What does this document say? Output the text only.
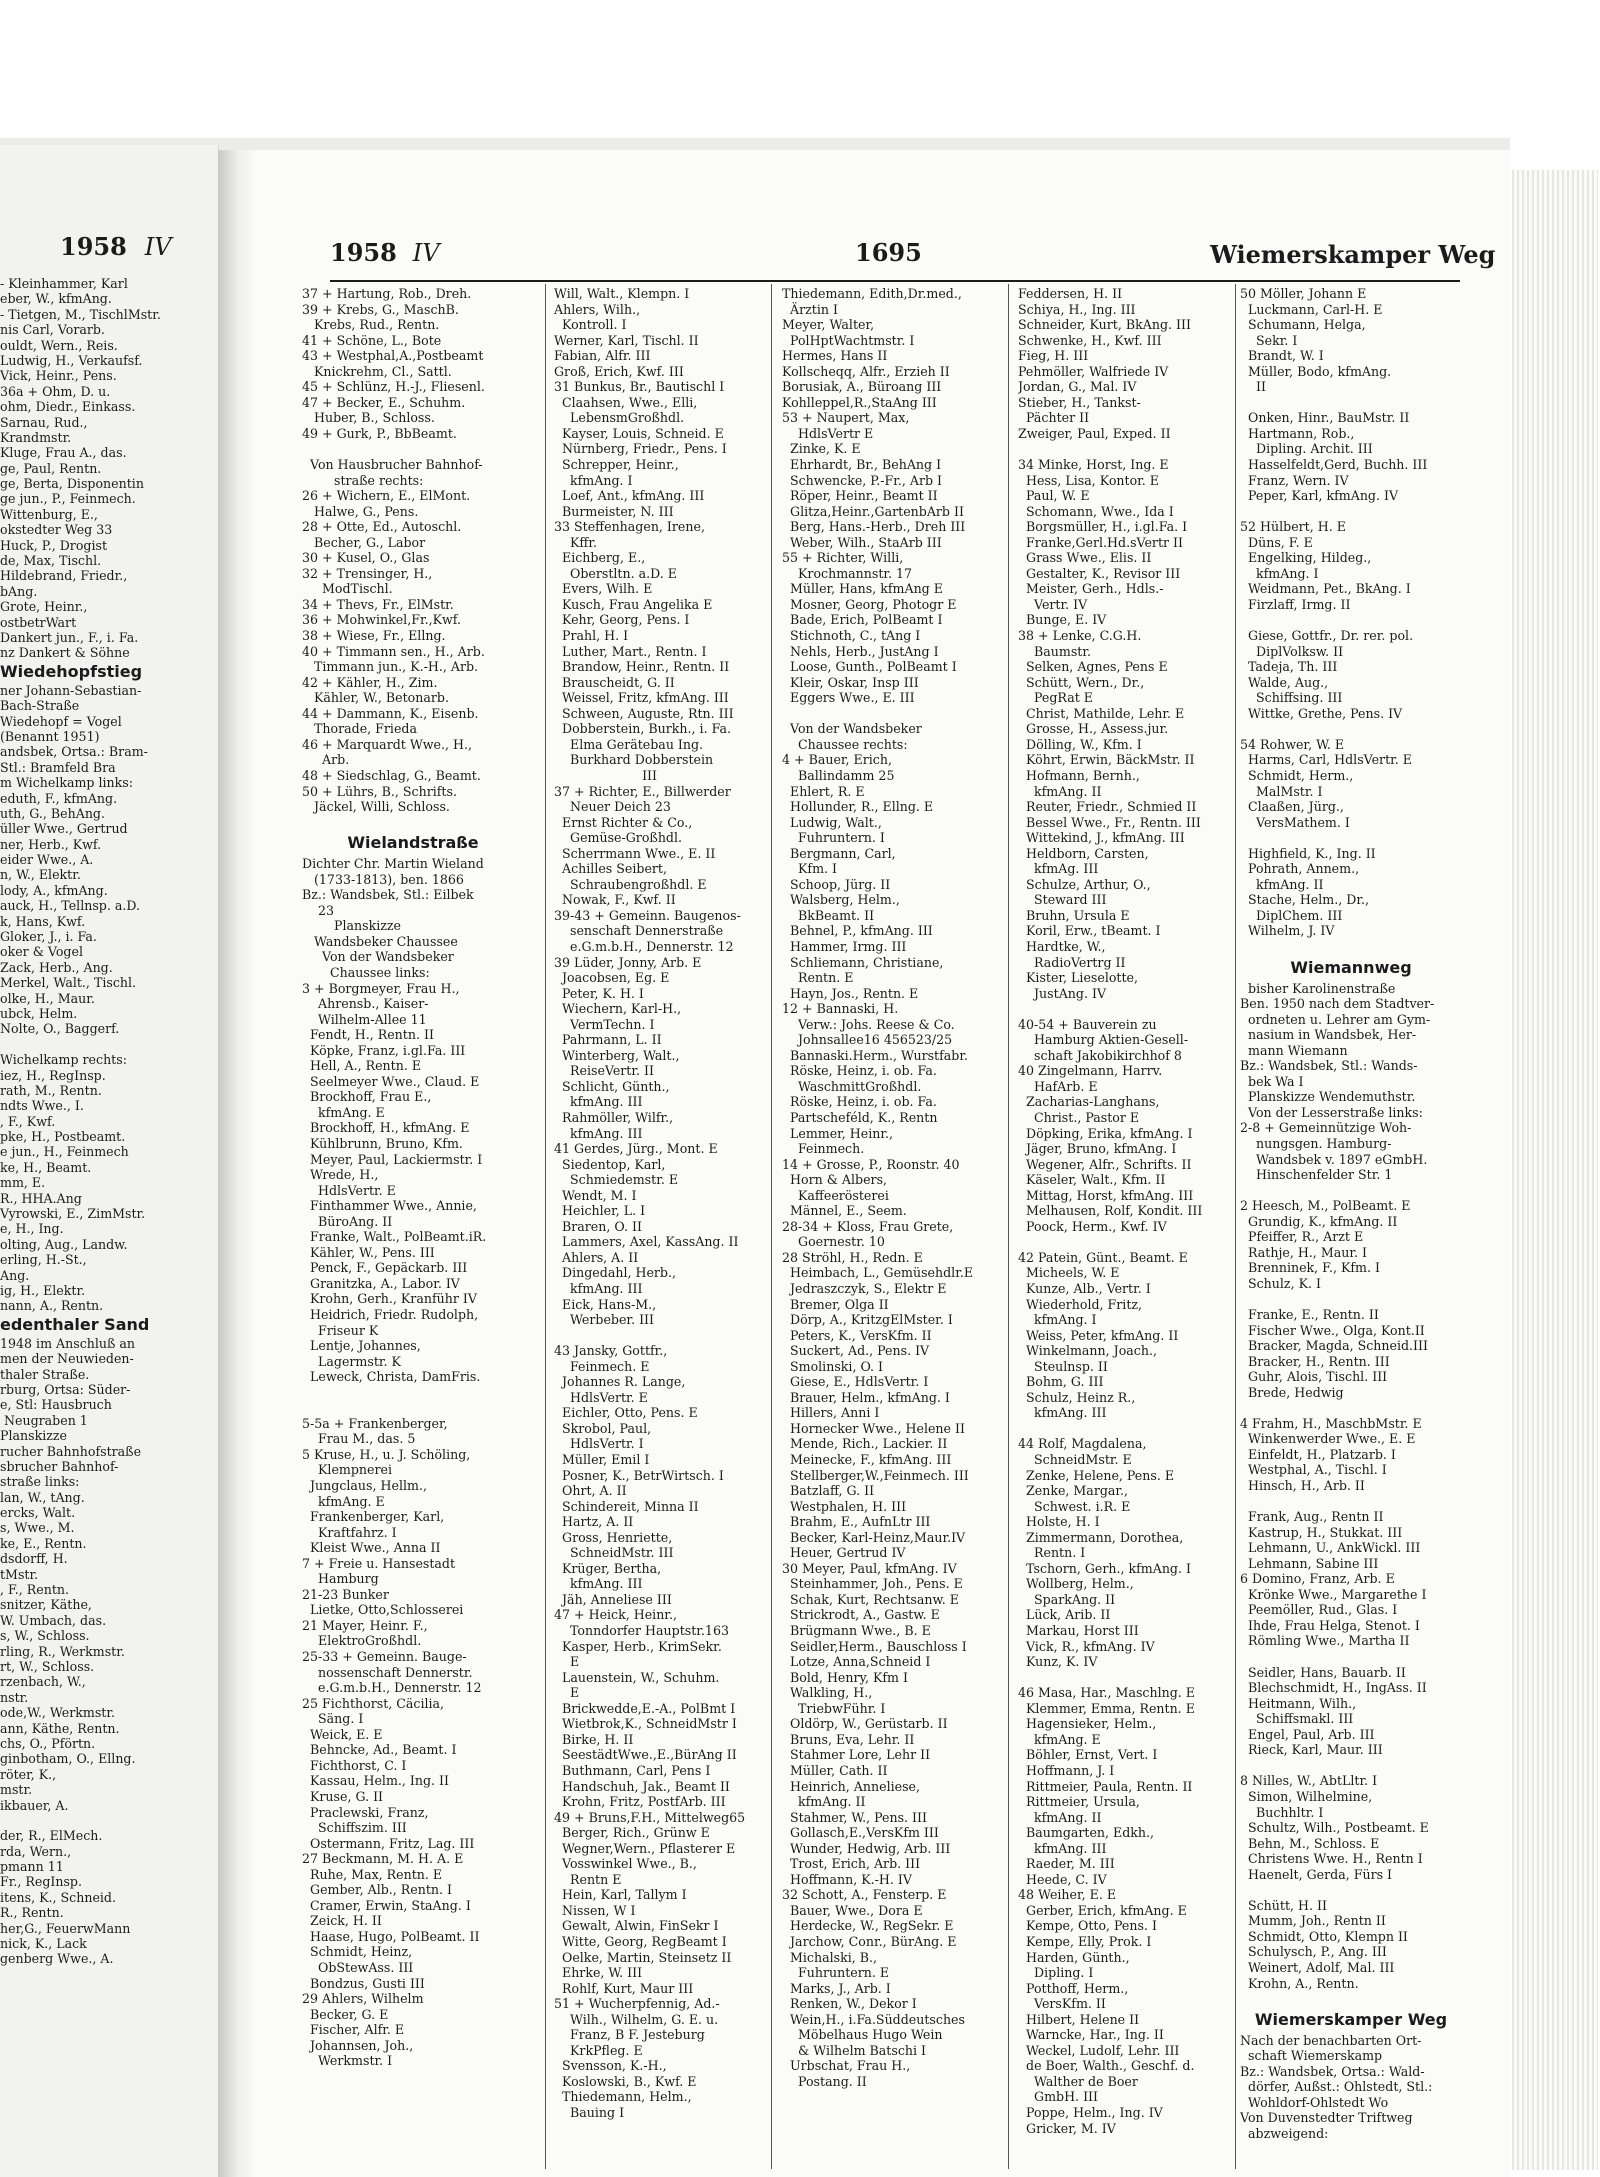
1958 IV
- Kleinhammer, Karl
eber, W., kfmAng.
- Tietgen, M., TischlMstr.
nis Carl, Vorarb.
ouldt, Wern., Reis.
Ludwig, H., Verkaufsf.
Vick, Heinr., Pens.
36a + Ohm, D. u.
ohm, Diedr., Einkass.
Sarnau, Rud.,
Krandmstr.
Kluge, Frau A., das.
ge, Paul, Rentn.
ge, Berta, Disponentin
ge jun., P., Feinmech.
Wittenburg, E.,
okstedter Weg 33
Huck, P., Drogist
de, Max, Tischl.
Hildebrand, Friedr.,
bAng.
Grote, Heinr.,
ostbetrWart
Dankert jun., F., i. Fa.
nz Dankert & Söhne
Wiedehopfstieg
ner Johann-Sebastian-
Bach-Straße
Wiedehopf = Vogel
(Benannt 1951)
andsbek, Ortsa.: Bram-
Stl.: Bramfeld Bra
m Wichelkamp links:
eduth, F., kfmAng.
uth, G., BehAng.
üller Wwe., Gertrud
ner, Herb., Kwf.
eider Wwe., A.
n, W., Elektr.
lody, A., kfmAng.
auck, H., Tellnsp. a.D.
k, Hans, Kwf.
Gloker, J., i. Fa.
oker & Vogel
Zack, Herb., Ang.
Merkel, Walt., Tischl.
olke, H., Maur.
ubck, Helm.
Nolte, O., Baggerf.

Wichelkamp rechts:
iez, H., RegInsp.
rath, M., Rentn.
ndts Wwe., I.
, F., Kwf.
pke, H., Postbeamt.
e jun., H., Feinmech
ke, H., Beamt.
mm, E.
R., HHA.Ang
Vyrowski, E., ZimMstr.
e, H., Ing.
olting, Aug., Landw.
erling, H.-St.,
Ang.
ig, H., Elektr.
nann, A., Rentn.
edenthaler Sand
1948 im Anschluß an
men der Neuwieden-
thaler Straße.
rburg, Ortsa: Süder-
e, Stl: Hausbruch
Neugraben 1
Planskizze
rucher Bahnhofstraße
sbrucher Bahnhof-
straße links:
lan, W., tAng.
ercks, Walt.
s, Wwe., M.
ke, E., Rentn.
dsdorff, H.
tMstr.
, F., Rentn.
snitzer, Käthe,
W. Umbach, das.
s, W., Schloss.
rling, R., Werkmstr.
rt, W., Schloss.
rzenbach, W.,
nstr.
ode,W., Werkmstr.
ann, Käthe, Rentn.
chs, O., Pförtn.
ginbotham, O., Ellng.
röter, K.,
mstr.
ikbauer, A.

der, R., ElMech.
rda, Wern.,
pmann 11
Fr., RegInsp.
itens, K., Schneid.
R., Rentn.
her,G., FeuerwMann
nick, K., Lack
genberg Wwe., A.
1958 IV	1695	Wiemerskamper Weg
37 + Hartung, Rob., Dreh.
39 + Krebs, G., MaschB.
Krebs, Rud., Rentn.
41 + Schöne, L., Bote
43 + Westphal,A.,Postbeamt
Knickrehm, Cl., Sattl.
45 + Schlünz, H.-J., Fliesenl.
47 + Becker, E., Schuhm.
Huber, B., Schloss.
49 + Gurk, P., BbBeamt.

Von Hausbrucher Bahnhof-
straße rechts:
26 + Wichern, E., ElMont.
Halwe, G., Pens.
28 + Otte, Ed., Autoschl.
Becher, G., Labor
30 + Kusel, O., Glas
32 + Trensinger, H.,
ModTischl.
34 + Thevs, Fr., ElMstr.
36 + Mohwinkel,Fr.,Kwf.
38 + Wiese, Fr., Ellng.
40 + Timmann sen., H., Arb.
Timmann jun., K.-H., Arb.
42 + Kähler, H., Zim.
Kähler, W., Betonarb.
44 + Dammann, K., Eisenb.
Thorade, Frieda
46 + Marquardt Wwe., H.,
Arb.
48 + Siedschlag, G., Beamt.
50 + Lührs, B., Schrifts.
Jäckel, Willi, Schloss.

Wielandstraße
Dichter Chr. Martin Wieland
(1733-1813), ben. 1866
Bz.: Wandsbek, Stl.: Eilbek
23
Planskizze
Wandsbeker Chaussee
Von der Wandsbeker
Chaussee links:
3 + Borgmeyer, Frau H.,
Ahrensb., Kaiser-
Wilhelm-Allee 11
Fendt, H., Rentn. II
Köpke, Franz, i.gl.Fa. III
Hell, A., Rentn. E
Seelmeyer Wwe., Claud. E
Brockhoff, Frau E.,
kfmAng. E
Brockhoff, H., kfmAng. E
Kühlbrunn, Bruno, Kfm.
Meyer, Paul, Lackiermstr. I
Wrede, H.,
HdlsVertr. E
Finthammer Wwe., Annie,
BüroAng. II
Franke, Walt., PolBeamt.iR.
Kähler, W., Pens. III
Penck, F., Gepäckarb. III
Granitzka, A., Labor. IV
Krohn, Gerh., Kranführ IV
Heidrich, Friedr. Rudolph,
Friseur K
Lentje, Johannes,
Lagermstr. K
Leweck, Christa, DamFris.

5-5a + Frankenberger,
Frau M., das. 5
5 Kruse, H., u. J. Schöling,
Klempnerei
Jungclaus, Hellm.,
kfmAng. E
Frankenberger, Karl,
Kraftfahrz. I
Kleist Wwe., Anna II
7 + Freie u. Hansestadt
Hamburg
21-23 Bunker
Lietke, Otto,Schlosserei
21 Mayer, Heinr. F.,
ElektroGroßhdl.
25-33 + Gemeinn. Bauge-
nossenschaft Dennerstr.
e.G.m.b.H., Dennerstr. 12
25 Fichthorst, Cäcilia,
Säng. I
Weick, E. E
Behncke, Ad., Beamt. I
Fichthorst, C. I
Kassau, Helm., Ing. II
Kruse, G. II
Praclewski, Franz,
Schiffszim. III
Ostermann, Fritz, Lag. III
27 Beckmann, M. H. A. E
Ruhe, Max, Rentn. E
Gember, Alb., Rentn. I
Cramer, Erwin, StaAng. I
Zeick, H. II
Haase, Hugo, PolBeamt. II
Schmidt, Heinz,
ObStewAss. III
Bondzus, Gusti III
29 Ahlers, Wilhelm
Becker, G. E
Fischer, Alfr. E
Johannsen, Joh.,
Werkmstr. I
Will, Walt., Klempn. I
Ahlers, Wilh.,
Kontroll. I
Werner, Karl, Tischl. II
Fabian, Alfr. III
Groß, Erich, Kwf. III
31 Bunkus, Br., Bautischl I
Claahsen, Wwe., Elli,
LebensmGroßhdl.
Kayser, Louis, Schneid. E
Nürnberg, Friedr., Pens. I
Schrepper, Heinr.,
kfmAng. I
Loef, Ant., kfmAng. III
Burmeister, N. III
33 Steffenhagen, Irene,
Kffr.
Eichberg, E.,
Oberstltn. a.D. E
Evers, Wilh. E
Kusch, Frau Angelika E
Kehr, Georg, Pens. I
Prahl, H. I
Luther, Mart., Rentn. I
Brandow, Heinr., Rentn. II
Brauscheidt, G. II
Weissel, Fritz, kfmAng. III
Schween, Auguste, Rtn. III
Dobberstein, Burkh., i. Fa.
Elma Gerätebau Ing.
Burkhard Dobberstein
III
37 + Richter, E., Billwerder
Neuer Deich 23
Ernst Richter & Co.,
Gemüse-Großhdl.
Scherrmann Wwe., E. II
Achilles Seibert,
Schraubengroßhdl. E
Nowak, F., Kwf. II
39-43 + Gemeinn. Baugenos-
senschaft Dennerstraße
e.G.m.b.H., Dennerstr. 12
39 Lüder, Jonny, Arb. E
Joacobsen, Eg. E
Peter, K. H. I
Wiechern, Karl-H.,
VermTechn. I
Pahrmann, L. II
Winterberg, Walt.,
ReiseVertr. II
Schlicht, Günth.,
kfmAng. III
Rahmöller, Wilfr.,
kfmAng. III
41 Gerdes, Jürg., Mont. E
Siedentop, Karl,
Schmiedemstr. E
Wendt, M. I
Heichler, L. I
Braren, O. II
Lammers, Axel, KassAng. II
Ahlers, A. II
Dingedahl, Herb.,
kfmAng. III
Eick, Hans-M.,
Werbeber. III

43 Jansky, Gottfr.,
Feinmech. E
Johannes R. Lange,
HdlsVertr. E
Eichler, Otto, Pens. E
Skrobol, Paul,
HdlsVertr. I
Müller, Emil I
Posner, K., BetrWirtsch. I
Ohrt, A. II
Schindereit, Minna II
Hartz, A. II
Gross, Henriette,
SchneidMstr. III
Krüger, Bertha,
kfmAng. III
Jäh, Anneliese III
47 + Heick, Heinr.,
Tonndorfer Hauptstr.163
Kasper, Herb., KrimSekr.
E
Lauenstein, W., Schuhm.
E
Brickwedde,E.-A., PolBmt I
Wietbrok,K., SchneidMstr I
Birke, H. II
SeestädtWwe.,E.,BürAng II
Buthmann, Carl, Pens I
Handschuh, Jak., Beamt II
Krohn, Fritz, PostfArb. III
49 + Bruns,F.H., Mittelweg65
Berger, Rich., Grünw E
Wegner,Wern., Pflasterer E
Vosswinkel Wwe., B.,
Rentn E
Hein, Karl, Tallym I
Nissen, W I
Gewalt, Alwin, FinSekr I
Witte, Georg, RegBeamt I
Oelke, Martin, Steinsetz II
Ehrke, W. III
Rohlf, Kurt, Maur III
51 + Wucherpfennig, Ad.-
Wilh., Wilhelm, G. E. u.
Franz, B F. Jesteburg
KrkPfleg. E
Svensson, K.-H.,
Koslowski, B., Kwf. E
Thiedemann, Helm.,
Bauing I
Thiedemann, Edith,Dr.med.,
Ärztin I
Meyer, Walter,
PolHptWachtmstr. I
Hermes, Hans II
Kollscheqq, Alfr., Erzieh II
Borusiak, A., Büroang III
Kohlleppel,R.,StaAng III
53 + Naupert, Max,
HdlsVertr E
Zinke, K. E
Ehrhardt, Br., BehAng I
Schwencke, P.-Fr., Arb I
Röper, Heinr., Beamt II
Glitza,Heinr.,GartenbArb II
Berg, Hans.-Herb., Dreh III
Weber, Wilh., StaArb III
55 + Richter, Willi,
Krochmannstr. 17
Müller, Hans, kfmAng E
Mosner, Georg, Photogr E
Bade, Erich, PolBeamt I
Stichnoth, C., tAng I
Nehls, Herb., JustAng I
Loose, Gunth., PolBeamt I
Kleir, Oskar, Insp III
Eggers Wwe., E. III

Von der Wandsbeker
Chaussee rechts:
4 + Bauer, Erich,
Ballindamm 25
Ehlert, R. E
Hollunder, R., Ellng. E
Ludwig, Walt.,
Fuhruntern. I
Bergmann, Carl,
Kfm. I
Schoop, Jürg. II
Walsberg, Helm.,
BkBeamt. II
Behnel, P., kfmAng. III
Hammer, Irmg. III
Schliemann, Christiane,
Rentn. E
Hayn, Jos., Rentn. E
12 + Bannaski, H.
Verw.: Johs. Reese & Co.
Johnsallee16 456523/25
Bannaski.Herm., Wurstfabr.
Röske, Heinz, i. ob. Fa.
WaschmittGroßhdl.
Röske, Heinz, i. ob. Fa.
Partscheféld, K., Rentn
Lemmer, Heinr.,
Feinmech.
14 + Grosse, P., Roonstr. 40
Horn & Albers,
Kaffeerösterei
Männel, E., Seem.
28-34 + Kloss, Frau Grete,
Goernestr. 10
28 Ströhl, H., Redn. E
Heimbach, L., Gemüsehdlr.E
Jedraszczyk, S., Elektr E
Bremer, Olga II
Dörp, A., KritzgElMster. I
Peters, K., VersKfm. II
Suckert, Ad., Pens. IV
Smolinski, O. I
Giese, E., HdlsVertr. I
Brauer, Helm., kfmAng. I
Hillers, Anni I
Hornecker Wwe., Helene II
Mende, Rich., Lackier. II
Meinecke, F., kfmAng. III
Stellberger,W.,Feinmech. III
Batzlaff, G. II
Westphalen, H. III
Brahm, E., AufnLtr III
Becker, Karl-Heinz,Maur.IV
Heuer, Gertrud IV
30 Meyer, Paul, kfmAng. IV
Steinhammer, Joh., Pens. E
Schak, Kurt, Rechtsanw. E
Strickrodt, A., Gastw. E
Brügmann Wwe., B. E
Seidler,Herm., Bauschloss I
Lotze, Anna,Schneid I
Bold, Henry, Kfm I
Walkling, H.,
TriebwFühr. I
Oldörp, W., Gerüstarb. II
Bruns, Eva, Lehr. II
Stahmer Lore, Lehr II
Müller, Cath. II
Heinrich, Anneliese,
kfmAng. II
Stahmer, W., Pens. III
Gollasch,E.,VersKfm III
Wunder, Hedwig, Arb. III
Trost, Erich, Arb. III
Hoffmann, K.-H. IV
32 Schott, A., Fensterp. E
Bauer, Wwe., Dora E
Herdecke, W., RegSekr. E
Jarchow, Conr., BürAng. E
Michalski, B.,
Fuhruntern. E
Marks, J., Arb. I
Renken, W., Dekor I
Wein,H., i.Fa.Süddeutsches
Möbelhaus Hugo Wein
& Wilhelm Batschi I
Urbschat, Frau H.,
Postang. II
Feddersen, H. II
Schiya, H., Ing. III
Schneider, Kurt, BkAng. III
Schwenke, H., Kwf. III
Fieg, H. III
Pehmöller, Walfriede IV
Jordan, G., Mal. IV
Stieber, H., Tankst-
Pächter II
Zweiger, Paul, Exped. II

34 Minke, Horst, Ing. E
Hess, Lisa, Kontor. E
Paul, W. E
Schomann, Wwe., Ida I
Borgsmüller, H., i.gl.Fa. I
Franke,Gerl.Hd.sVertr II
Grass Wwe., Elis. II
Gestalter, K., Revisor III
Meister, Gerh., Hdls.-
Vertr. IV
Bunge, E. IV
38 + Lenke, C.G.H.
Baumstr.
Selken, Agnes, Pens E
Schütt, Wern., Dr.,
PegRat E
Christ, Mathilde, Lehr. E
Grosse, H., Assess.jur.
Dölling, W., Kfm. I
Köhrt, Erwin, BäckMstr. II
Hofmann, Bernh.,
kfmAng. II
Reuter, Friedr., Schmied II
Bessel Wwe., Fr., Rentn. III
Wittekind, J., kfmAng. III
Heldborn, Carsten,
kfmAg. III
Schulze, Arthur, O.,
Steward III
Bruhn, Ursula E
Koril, Erw., tBeamt. I
Hardtke, W.,
RadioVertrg II
Kister, Lieselotte,
JustAng. IV

40-54 + Bauverein zu
Hamburg Aktien-Gesell-
schaft Jakobikirchhof 8
40 Zingelmann, Harrv.
HafArb. E
Zacharias-Langhans,
Christ., Pastor E
Döpking, Erika, kfmAng. I
Jäger, Bruno, kfmAng. I
Wegener, Alfr., Schrifts. II
Käseler, Walt., Kfm. II
Mittag, Horst, kfmAng. III
Melhausen, Rolf, Kondit. III
Poock, Herm., Kwf. IV

42 Patein, Günt., Beamt. E
Micheels, W. E
Kunze, Alb., Vertr. I
Wiederhold, Fritz,
kfmAng. I
Weiss, Peter, kfmAng. II
Winkelmann, Joach.,
Steulnsp. II
Bohm, G. III
Schulz, Heinz R.,
kfmAng. III

44 Rolf, Magdalena,
SchneidMstr. E
Zenke, Helene, Pens. E
Zenke, Margar.,
Schwest. i.R. E
Holste, H. I
Zimmermann, Dorothea,
Rentn. I
Tschorn, Gerh., kfmAng. I
Wollberg, Helm.,
SparkAng. II
Lück, Arib. II
Markau, Horst III
Vick, R., kfmAng. IV
Kunz, K. IV

46 Masa, Har., Maschlng. E
Klemmer, Emma, Rentn. E
Hagensieker, Helm.,
kfmAng. E
Böhler, Ernst, Vert. I
Hoffmann, J. I
Rittmeier, Paula, Rentn. II
Rittmeier, Ursula,
kfmAng. II
Baumgarten, Edkh.,
kfmAng. III
Raeder, M. III
Heede, C. IV
48 Weiher, E. E
Gerber, Erich, kfmAng. E
Kempe, Otto, Pens. I
Kempe, Elly, Prok. I
Harden, Günth.,
Dipling. I
Potthoff, Herm.,
VersKfm. II
Hilbert, Helene II
Warncke, Har., Ing. II
Weckel, Ludolf, Lehr. III
de Boer, Walth., Geschf. d.
Walther de Boer
GmbH. III
Poppe, Helm., Ing. IV
Gricker, M. IV
50 Möller, Johann E
Luckmann, Carl-H. E
Schumann, Helga,
Sekr. I
Brandt, W. I
Müller, Bodo, kfmAng.
II

Onken, Hinr., BauMstr. II
Hartmann, Rob.,
Dipling. Archit. III
Hasselfeldt,Gerd, Buchh. III
Franz, Wern. IV
Peper, Karl, kfmAng. IV

52 Hülbert, H. E
Düns, F. E
Engelking, Hildeg.,
kfmAng. I
Weidmann, Pet., BkAng. I
Firzlaff, Irmg. II

Giese, Gottfr., Dr. rer. pol.
DiplVolksw. II
Tadeja, Th. III
Walde, Aug.,
Schiffsing. III
Wittke, Grethe, Pens. IV

54 Rohwer, W. E
Harms, Carl, HdlsVertr. E
Schmidt, Herm.,
MalMstr. I
Claaßen, Jürg.,
VersMathem. I

Highfield, K., Ing. II
Pohrath, Annem.,
kfmAng. II
Stache, Helm., Dr.,
DiplChem. III
Wilhelm, J. IV

Wiemannweg
bisher Karolinenstraße
Ben. 1950 nach dem Stadtver-
ordneten u. Lehrer am Gym-
nasium in Wandsbek, Her-
mann Wiemann
Bz.: Wandsbek, Stl.: Wands-
bek Wa I
Planskizze Wendemuthstr.
Von der Lesserstraße links:
2-8 + Gemeinnützige Woh-
nungsgen. Hamburg-
Wandsbek v. 1897 eGmbH.
Hinschenfelder Str. 1

2 Heesch, M., PolBeamt. E
Grundig, K., kfmAng. II
Pfeiffer, R., Arzt E
Rathje, H., Maur. I
Brenninek, F., Kfm. I
Schulz, K. I

Franke, E., Rentn. II
Fischer Wwe., Olga, Kont.II
Bracker, Magda, Schneid.III
Bracker, H., Rentn. III
Guhr, Alois, Tischl. III
Brede, Hedwig

4 Frahm, H., MaschbMstr. E
Winkenwerder Wwe., E. E
Einfeldt, H., Platzarb. I
Westphal, A., Tischl. I
Hinsch, H., Arb. II

Frank, Aug., Rentn II
Kastrup, H., Stukkat. III
Lehmann, U., AnkWickl. III
Lehmann, Sabine III
6 Domino, Franz, Arb. E
Krönke Wwe., Margarethe I
Peemöller, Rud., Glas. I
Ihde, Frau Helga, Stenot. I
Römling Wwe., Martha II

Seidler, Hans, Bauarb. II
Blechschmidt, H., IngAss. II
Heitmann, Wilh.,
Schiffsmakl. III
Engel, Paul, Arb. III
Rieck, Karl, Maur. III

8 Nilles, W., AbtLltr. I
Simon, Wilhelmine,
Buchhltr. I
Schultz, Wilh., Postbeamt. E
Behn, M., Schloss. E
Christens Wwe. H., Rentn I
Haenelt, Gerda, Fürs I

Schütt, H. II
Mumm, Joh., Rentn II
Schmidt, Otto, Klempn II
Schulysch, P., Ang. III
Weinert, Adolf, Mal. III
Krohn, A., Rentn.

Wiemerskamper Weg
Nach der benachbarten Ort-
schaft Wiemerskamp
Bz.: Wandsbek, Ortsa.: Wald-
dörfer, Außst.: Ohlstedt, Stl.:
Wohldorf-Ohlstedt Wo
Von Duvenstedter Triftweg
abzweigend:
